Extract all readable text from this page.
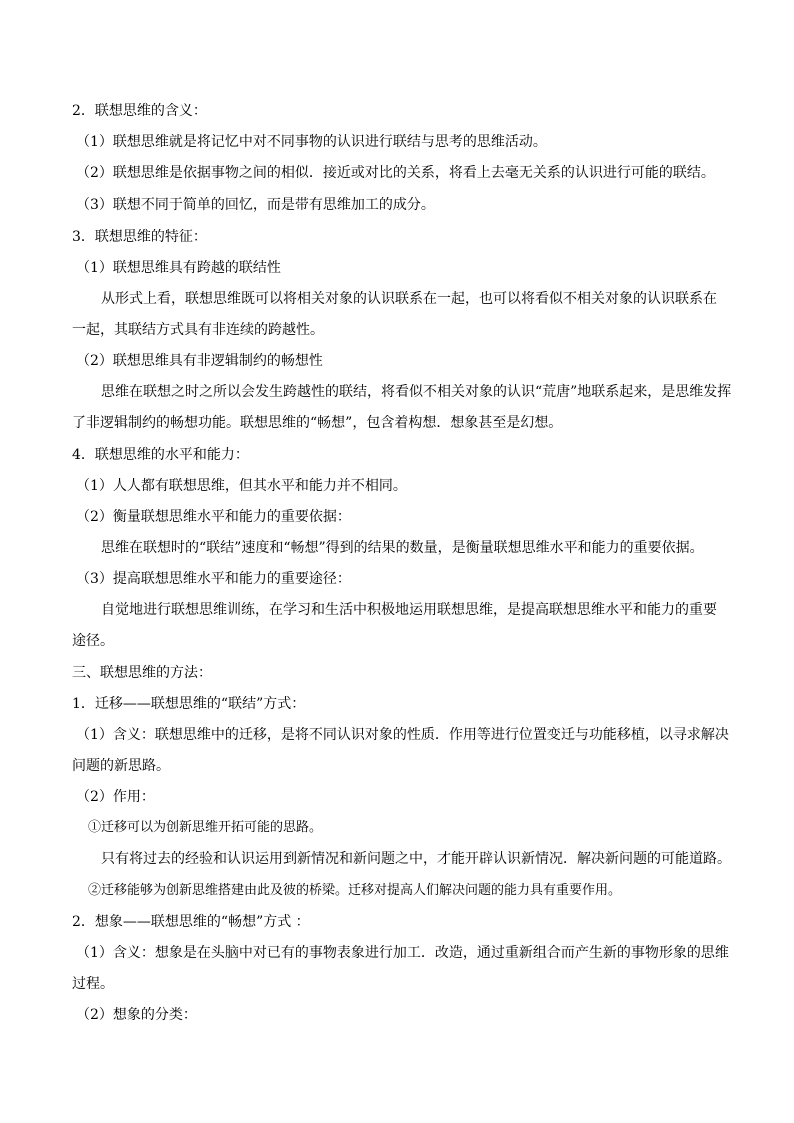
2．联想思维的含义：
（1）联想思维就是将记忆中对不同事物的认识进行联结与思考的思维活动。
（2）联想思维是依据事物之间的相似．接近或对比的关系，将看上去毫无关系的认识进行可能的联结。
（3）联想不同于简单的回忆，而是带有思维加工的成分。
3．联想思维的特征：
（1）联想思维具有跨越的联结性
从形式上看，联想思维既可以将相关对象的认识联系在一起，也可以将看似不相关对象的认识联系在
一起，其联结方式具有非连续的跨越性。
（2）联想思维具有非逻辑制约的畅想性
思维在联想之时之所以会发生跨越性的联结，将看似不相关对象的认识“荒唐”地联系起来，是思维发挥
了非逻辑制约的畅想功能。联想思维的“畅想”，包含着构想．想象甚至是幻想。
4．联想思维的水平和能力：
（1）人人都有联想思维，但其水平和能力并不相同。
（2）衡量联想思维水平和能力的重要依据：
思维在联想时的“联结”速度和“畅想”得到的结果的数量，是衡量联想思维水平和能力的重要依据。
（3）提高联想思维水平和能力的重要途径：
自觉地进行联想思维训练，在学习和生活中积极地运用联想思维，是提高联想思维水平和能力的重要
途径。
三、联想思维的方法：
1．迁移——联想思维的“联结”方式：
（1）含义：联想思维中的迁移，是将不同认识对象的性质．作用等进行位置变迁与功能移植，以寻求解决
问题的新思路。
（2）作用：
①迁移可以为创新思维开拓可能的思路。
只有将过去的经验和认识运用到新情况和新问题之中，才能开辟认识新情况．解决新问题的可能道路。
②迁移能够为创新思维搭建由此及彼的桥梁。迁移对提高人们解决问题的能力具有重要作用。
2．想象——联想思维的“畅想”方式 ：
（1）含义：想象是在头脑中对已有的事物表象进行加工．改造，通过重新组合而产生新的事物形象的思维
过程。
（2）想象的分类：
